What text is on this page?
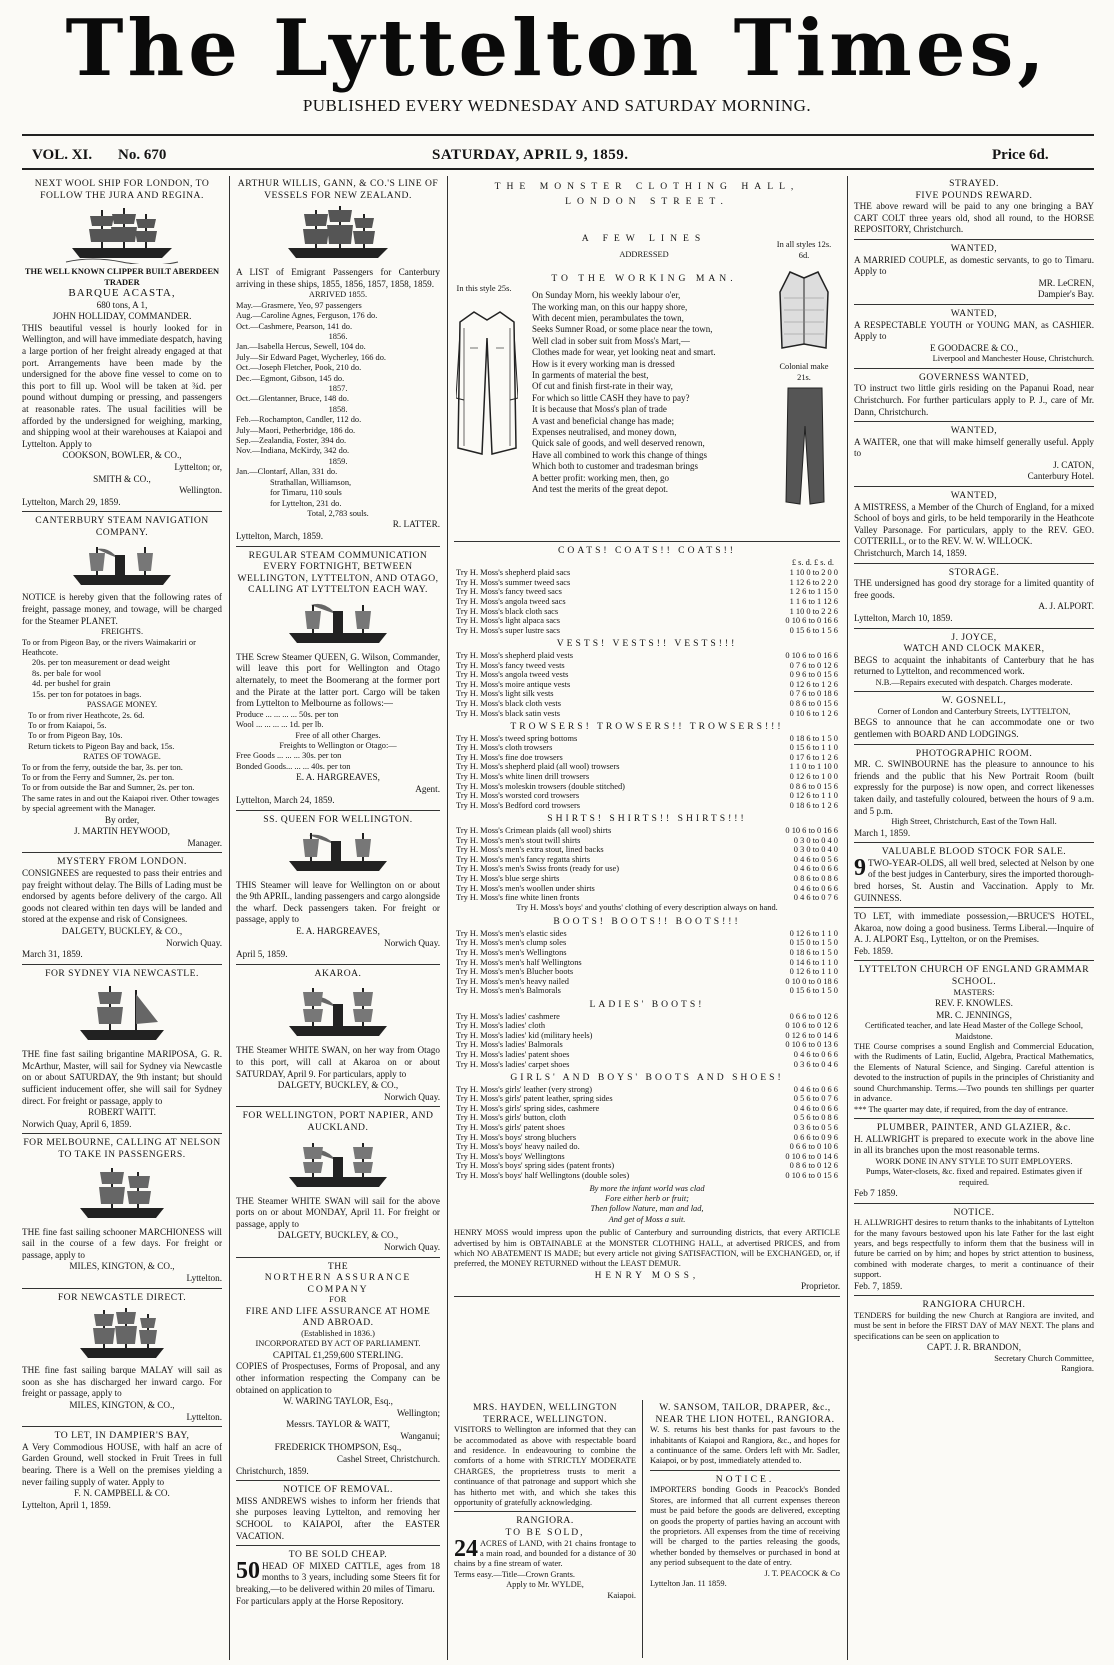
The Lyttelton Times,
PUBLISHED EVERY WEDNESDAY AND SATURDAY MORNING.
VOL. XI. No. 670	SATURDAY, APRIL 9, 1859.	Price 6d.
NEXT WOOL SHIP FOR LONDON, TO FOLLOW THE JURA AND REGINA.
THE WELL KNOWN CLIPPER BUILT ABERDEEN TRADER
BARQUE ACASTA,
680 tons, A 1,
JOHN HOLLIDAY, COMMANDER.
THIS beautiful vessel is hourly looked for in Wellington, and will have immediate despatch, having a large portion of her freight already engaged at that port. Arrangements have been made by the undersigned for the above fine vessel to come on to this port to fill up. Wool will be taken at ¾d. per pound without dumping or pressing, and passengers at reasonable rates. The usual facilities will be afforded by the undersigned for weighing, marking, and shipping wool at their warehouses at Kaiapoi and Lyttelton. Apply to
COOKSON, BOWLER, & CO.,
Lyttelton; or,
SMITH & CO.,
Wellington.
Lyttelton, March 29, 1859.
CANTERBURY STEAM NAVIGATION COMPANY.
NOTICE is hereby given that the following rates of freight, passage money, and towage, will be charged for the Steamer PLANET.
FREIGHTS.
To or from Pigeon Bay, or the rivers Waimakariri or Heathcote.
20s. per ton measurement or dead weight
8s. per bale for wool
4d. per bushel for grain
15s. per ton for potatoes in bags.
PASSAGE MONEY.
To or from river Heathcote, 2s. 6d.
To or from Kaiapoi, 5s.
To or from Pigeon Bay, 10s.
Return tickets to Pigeon Bay and back, 15s.
RATES OF TOWAGE.
To or from the ferry, outside the bar, 3s. per ton.
To or from the Ferry and Sumner, 2s. per ton.
To or from outside the Bar and Sumner, 2s. per ton.
The same rates in and out the Kaiapoi river. Other towages by special agreement with the Manager.
By order,
J. MARTIN HEYWOOD,
Manager.
MYSTERY FROM LONDON.
CONSIGNEES are requested to pass their entries and pay freight without delay. The Bills of Lading must be endorsed by agents before delivery of the cargo. All goods not cleared within ten days will be landed and stored at the expense and risk of Consignees.
DALGETY, BUCKLEY, & CO.,
Norwich Quay.
March 31, 1859.
FOR SYDNEY VIA NEWCASTLE.
THE fine fast sailing brigantine MARIPOSA, G. R. McArthur, Master, will sail for Sydney via Newcastle on or about SATURDAY, the 9th instant; but should sufficient inducement offer, she will sail for Sydney direct. For freight or passage, apply to
ROBERT WAITT.
Norwich Quay, April 6, 1859.
FOR MELBOURNE, CALLING AT NELSON TO TAKE IN PASSENGERS.
THE fine fast sailing schooner MARCHIONESS will sail in the course of a few days. For freight or passage, apply to
MILES, KINGTON, & CO.,
Lyttelton.
FOR NEWCASTLE DIRECT.
THE fine fast sailing barque MALAY will sail as soon as she has discharged her inward cargo. For freight or passage, apply to
MILES, KINGTON, & CO.,
Lyttelton.
TO LET, IN DAMPIER'S BAY,
A Very Commodious HOUSE, with half an acre of Garden Ground, well stocked in Fruit Trees in full bearing. There is a Well on the premises yielding a never failing supply of water. Apply to
F. N. CAMPBELL & CO.
Lyttelton, April 1, 1859.
ARTHUR WILLIS, GANN, & CO.'S LINE OF VESSELS FOR NEW ZEALAND.
A LIST of Emigrant Passengers for Canterbury arriving in these ships, 1855, 1856, 1857, 1858, 1859.
ARRIVED 1855.
May.—Grasmere, Yeo, 97 passengers
Aug.—Caroline Agnes, Ferguson, 176 do.
Oct.—Cashmere, Pearson, 141 do.
1856.
Jan.—Isabella Hercus, Sewell, 104 do.
July—Sir Edward Paget, Wycherley, 166 do.
Oct.—Joseph Fletcher, Pook, 210 do.
Dec.—Egmont, Gibson, 145 do.
1857.
Oct.—Glentanner, Bruce, 148 do.
1858.
Feb.—Rochampton, Candler, 112 do.
July—Maori, Petherbridge, 186 do.
Sep.—Zealandia, Foster, 394 do.
Nov.—Indiana, McKirdy, 342 do.
1859.
Jan.—Clontarf, Allan, 331 do.
Strathallan, Williamson,
for Timaru, 110 souls
for Lyttelton, 231 do.
Total, 2,783 souls.
R. LATTER.
Lyttelton, March, 1859.
REGULAR STEAM COMMUNICATION EVERY FORTNIGHT, BETWEEN WELLINGTON, LYTTELTON, AND OTAGO, CALLING AT LYTTELTON EACH WAY.
THE Screw Steamer QUEEN, G. Wilson, Commander, will leave this port for Wellington and Otago alternately, to meet the Boomerang at the former port and the Pirate at the latter port. Cargo will be taken from Lyttelton to Melbourne as follows:—
Produce ... ... ... ... 50s. per ton
Wool ... ... ... ... 1d. per lb.
Free of all other Charges.
Freights to Wellington or Otago:—
Free Goods ... ... ... 30s. per ton
Bonded Goods... ... ... 40s. per ton
E. A. HARGREAVES,
Agent.
Lyttelton, March 24, 1859.
SS. QUEEN FOR WELLINGTON.
THIS Steamer will leave for Wellington on or about the 9th APRIL, landing passengers and cargo alongside the wharf. Deck passengers taken. For freight or passage, apply to
E. A. HARGREAVES,
Norwich Quay.
April 5, 1859.
AKAROA.
THE Steamer WHITE SWAN, on her way from Otago to this port, will call at Akaroa on or about SATURDAY, April 9. For particulars, apply to
DALGETY, BUCKLEY, & CO.,
Norwich Quay.
FOR WELLINGTON, PORT NAPIER, AND AUCKLAND.
THE Steamer WHITE SWAN will sail for the above ports on or about MONDAY, April 11. For freight or passage, apply to
DALGETY, BUCKLEY, & CO.,
Norwich Quay.
THE
NORTHERN ASSURANCE COMPANY
FOR
FIRE AND LIFE ASSURANCE AT HOME AND ABROAD.
(Established in 1836.)
INCORPORATED BY ACT OF PARLIAMENT.
CAPITAL £1,259,600 STERLING.
COPIES of Prospectuses, Forms of Proposal, and any other information respecting the Company can be obtained on application to
W. WARING TAYLOR, Esq.,
Wellington;
Messrs. TAYLOR & WATT,
Wanganui;
FREDERICK THOMPSON, Esq.,
Cashel Street, Christchurch.
Christchurch, 1859.
NOTICE OF REMOVAL.
MISS ANDREWS wishes to inform her friends that she purposes leaving Lyttelton, and removing her SCHOOL to KAIAPOI, after the EASTER VACATION.
TO BE SOLD CHEAP.
50 HEAD OF MIXED CATTLE, ages from 18 months to 3 years, including some Steers fit for breaking,—to be delivered within 20 miles of Timaru.
For particulars apply at the Horse Repository.
THE MONSTER CLOTHING HALL,
LONDON STREET.
A FEW LINES
ADDRESSED
TO THE WORKING MAN.
In this style 25s.
In all styles 12s. 6d.
Colonial make 21s.
On Sunday Morn, his weekly labour o'er,
The working man, on this our happy shore,
With decent mien, perambulates the town,
Seeks Sumner Road, or some place near the town,
Well clad in sober suit from Moss's Mart,—
Clothes made for wear, yet looking neat and smart.
How is it every working man is dressed
In garments of material the best,
Of cut and finish first-rate in their way,
For which so little CASH they have to pay?
It is because that Moss's plan of trade
A vast and beneficial change has made;
Expenses neutralised, and money down,
Quick sale of goods, and well deserved renown,
Have all combined to work this change of things
Which both to customer and tradesman brings
A better profit: working men, then, go
And test the merits of the great depot.
COATS! COATS!! COATS!!
£ s. d. £ s. d.
Try H. Moss's shepherd plaid sacs	1 10 0 to 2 0 0
Try H. Moss's summer tweed sacs	1 12 6 to 2 2 0
Try H. Moss's fancy tweed sacs	1 2 6 to 1 15 0
Try H. Moss's angola tweed sacs	1 1 6 to 1 12 6
Try H. Moss's black cloth sacs	1 10 0 to 2 2 6
Try H. Moss's light alpaca sacs	0 10 6 to 0 16 6
Try H. Moss's super lustre sacs	0 15 6 to 1 5 6
VESTS! VESTS!! VESTS!!!
Try H. Moss's shepherd plaid vests	0 10 6 to 0 16 6
Try H. Moss's fancy tweed vests	0 7 6 to 0 12 6
Try H. Moss's angola tweed vests	0 9 6 to 0 15 6
Try H. Moss's moire antique vests	0 12 6 to 1 2 6
Try H. Moss's light silk vests	0 7 6 to 0 18 6
Try H. Moss's black cloth vests	0 8 6 to 0 15 6
Try H. Moss's black satin vests	0 10 6 to 1 2 6
TROWSERS! TROWSERS!! TROWSERS!!!
Try H. Moss's tweed spring bottoms	0 18 6 to 1 5 0
Try H. Moss's cloth trowsers	0 15 6 to 1 1 0
Try H. Moss's fine doe trowsers	0 17 6 to 1 2 6
Try H. Moss's shepherd plaid (all wool) trowsers	1 1 0 to 1 10 0
Try H. Moss's white linen drill trowsers	0 12 6 to 1 0 0
Try H. Moss's moleskin trowsers (double stitched)	0 8 6 to 0 15 6
Try H. Moss's worsted cord trowsers	0 12 6 to 1 1 0
Try H. Moss's Bedford cord trowsers	0 18 6 to 1 2 6
SHIRTS! SHIRTS!! SHIRTS!!!
Try H. Moss's Crimean plaids (all wool) shirts	0 10 6 to 0 16 6
Try H. Moss's men's stout twill shirts	0 3 0 to 0 4 0
Try H. Moss's men's extra stout, lined backs	0 3 0 to 0 4 0
Try H. Moss's men's fancy regatta shirts	0 4 6 to 0 5 6
Try H. Moss's men's Swiss fronts (ready for use)	0 4 6 to 0 6 6
Try H. Moss's blue serge shirts	0 8 6 to 0 8 6
Try H. Moss's men's woollen under shirts	0 4 6 to 0 6 6
Try H. Moss's fine white linen fronts	0 4 6 to 0 7 6
Try H. Moss's boys' and youths' clothing of every description always on hand.
BOOTS! BOOTS!! BOOTS!!!
Try H. Moss's men's elastic sides	0 12 6 to 1 1 0
Try H. Moss's men's clump soles	0 15 0 to 1 5 0
Try H. Moss's men's Wellingtons	0 18 6 to 1 5 0
Try H. Moss's men's half Wellingtons	0 14 6 to 1 1 0
Try H. Moss's men's Blucher boots	0 12 6 to 1 1 0
Try H. Moss's men's heavy nailed	0 10 0 to 0 18 6
Try H. Moss's men's Balmorals	0 15 6 to 1 5 0
LADIES' BOOTS!
Try H. Moss's ladies' cashmere	0 6 6 to 0 12 6
Try H. Moss's ladies' cloth	0 10 6 to 0 12 6
Try H. Moss's ladies' kid (military heels)	0 12 6 to 0 14 6
Try H. Moss's ladies' Balmorals	0 10 6 to 0 13 6
Try H. Moss's ladies' patent shoes	0 4 6 to 0 6 6
Try H. Moss's ladies' carpet shoes	0 3 6 to 0 4 6
GIRLS' AND BOYS' BOOTS AND SHOES!
Try H. Moss's girls' leather (very strong)	0 4 6 to 0 6 6
Try H. Moss's girls' patent leather, spring sides	0 5 6 to 0 7 6
Try H. Moss's girls' spring sides, cashmere	0 4 6 to 0 6 6
Try H. Moss's girls' button, cloth	0 5 6 to 0 8 6
Try H. Moss's girls' patent shoes	0 3 6 to 0 5 6
Try H. Moss's boys' strong bluchers	0 6 6 to 0 9 6
Try H. Moss's boys' heavy nailed do.	0 6 6 to 0 10 6
Try H. Moss's boys' Wellingtons	0 10 6 to 0 14 6
Try H. Moss's boys' spring sides (patent fronts)	0 8 6 to 0 12 6
Try H. Moss's boys' half Wellingtons (double soles)	0 10 6 to 0 15 6
By more the infant world was clad
Fore either herb or fruit;
Then follow Nature, man and lad,
And get of Moss a suit.
HENRY MOSS would impress upon the public of Canterbury and surrounding districts, that every ARTICLE advertised by him is OBTAINABLE at the MONSTER CLOTHING HALL, at advertised PRICES, and from which NO ABATEMENT IS MADE; but every article not giving SATISFACTION, will be EXCHANGED, or, if preferred, the MONEY RETURNED without the LEAST DEMUR.
HENRY MOSS,
Proprietor.
MRS. HAYDEN, WELLINGTON TERRACE, WELLINGTON.
VISITORS to Wellington are informed that they can be accommodated as above with respectable board and residence. In endeavouring to combine the comforts of a home with STRICTLY MODERATE CHARGES, the proprietress trusts to merit a continuance of that patronage and support which she has hitherto met with, and which she takes this opportunity of gratefully acknowledging.
RANGIORA.
TO BE SOLD,
24 ACRES of LAND, with 21 chains frontage to a main road, and bounded for a distance of 30 chains by a fine stream of water.
Terms easy.—Title—Crown Grants.
Apply to Mr. WYLDE,
Kaiapoi.
W. SANSOM, TAILOR, DRAPER, &c., NEAR THE LION HOTEL, RANGIORA.
W. S. returns his best thanks for past favours to the inhabitants of Kaiapoi and Rangiora, &c., and hopes for a continuance of the same. Orders left with Mr. Sadler, Kaiapoi, or by post, immediately attended to.
NOTICE.
IMPORTERS bonding Goods in Peacock's Bonded Stores, are informed that all current expenses thereon must be paid before the goods are delivered, excepting on goods the property of parties having an account with the proprietors. All expenses from the time of receiving will be charged to the parties releasing the goods, whether bonded by themselves or purchased in bond at any period subsequent to the date of entry.
J. T. PEACOCK & Co
Lyttelton Jan. 11 1859.
STRAYED.
FIVE POUNDS REWARD.
THE above reward will be paid to any one bringing a BAY CART COLT three years old, shod all round, to the HORSE REPOSITORY, Christchurch.
WANTED,
A MARRIED COUPLE, as domestic servants, to go to Timaru. Apply to
MR. LeCREN,
Dampier's Bay.
WANTED,
A RESPECTABLE YOUTH or YOUNG MAN, as CASHIER. Apply to
E GOODACRE & CO.,
Liverpool and Manchester House, Christchurch.
GOVERNESS WANTED,
TO instruct two little girls residing on the Papanui Road, near Christchurch. For further particulars apply to P. J., care of Mr. Dann, Christchurch.
WANTED,
A WAITER, one that will make himself generally useful. Apply to
J. CATON,
Canterbury Hotel.
WANTED,
A MISTRESS, a Member of the Church of England, for a mixed School of boys and girls, to be held temporarily in the Heathcote Valley Parsonage. For particulars, apply to the REV. GEO. COTTERILL, or to the REV. W. W. WILLOCK.
Christchurch, March 14, 1859.
STORAGE.
THE undersigned has good dry storage for a limited quantity of free goods.
A. J. ALPORT.
Lyttelton, March 10, 1859.
J. JOYCE,
WATCH AND CLOCK MAKER,
BEGS to acquaint the inhabitants of Canterbury that he has returned to Lyttelton, and recommenced work.
N.B.—Repairs executed with despatch. Charges moderate.
W. GOSNELL,
Corner of London and Canterbury Streets, LYTTELTON,
BEGS to announce that he can accommodate one or two gentlemen with BOARD AND LODGINGS.
PHOTOGRAPHIC ROOM.
MR. C. SWINBOURNE has the pleasure to announce to his friends and the public that his New Portrait Room (built expressly for the purpose) is now open, and correct likenesses taken daily, and tastefully coloured, between the hours of 9 a.m. and 5 p.m.
High Street, Christchurch, East of the Town Hall.
March 1, 1859.
VALUABLE BLOOD STOCK FOR SALE.
9 TWO-YEAR-OLDS, all well bred, selected at Nelson by one of the best judges in Canterbury, sires the imported thorough-bred horses, St. Austin and Vaccination. Apply to Mr. GUINNESS.
TO LET, with immediate possession,—BRUCE'S HOTEL, Akaroa, now doing a good business. Terms Liberal.—Inquire of A. J. ALPORT Esq., Lyttelton, or on the Premises.
Feb. 1859.
LYTTELTON CHURCH OF ENGLAND GRAMMAR SCHOOL.
MASTERS:
REV. F. KNOWLES.
MR. C. JENNINGS,
Certificated teacher, and late Head Master of the College School, Maidstone.
THE Course comprises a sound English and Commercial Education, with the Rudiments of Latin, Euclid, Algebra, Practical Mathematics, the Elements of Natural Science, and Singing. Careful attention is devoted to the instruction of pupils in the principles of Christianity and sound Churchmanship. Terms.—Two pounds ten shillings per quarter in advance.
*** The quarter may date, if required, from the day of entrance.
PLUMBER, PAINTER, AND GLAZIER, &c.
H. ALLWRIGHT is prepared to execute work in the above line in all its branches upon the most reasonable terms.
WORK DONE IN ANY STYLE TO SUIT EMPLOYERS.
Pumps, Water-closets, &c. fixed and repaired. Estimates given if required.
Feb 7 1859.
NOTICE.
H. ALLWRIGHT desires to return thanks to the inhabitants of Lyttelton for the many favours bestowed upon his late Father for the last eight years, and begs respectfully to inform them that the business will in future be carried on by him; and hopes by strict attention to business, combined with moderate charges, to merit a continuance of their support.
Feb. 7, 1859.
RANGIORA CHURCH.
TENDERS for building the new Church at Rangiora are invited, and must be sent in before the FIRST DAY of MAY NEXT. The plans and specifications can be seen on application to
CAPT. J. R. BRANDON,
Secretary Church Committee,
Rangiora.
